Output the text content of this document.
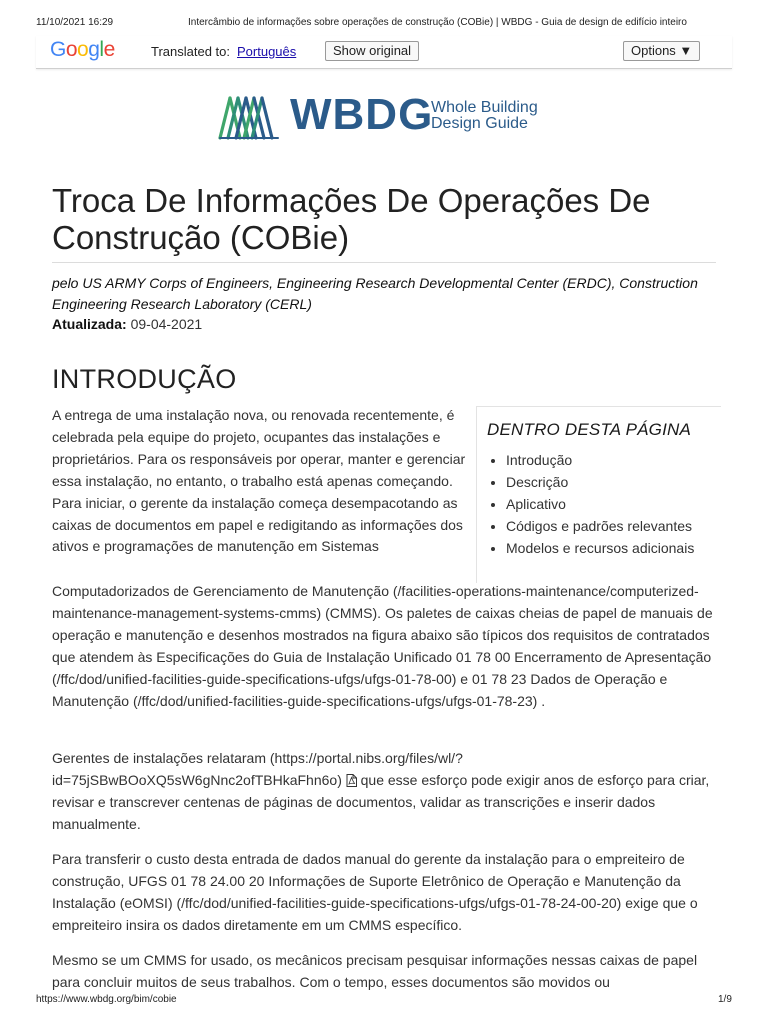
11/10/2021 16:29	Intercâmbio de informações sobre operações de construção (COBie) | WBDG - Guia de design de edifício inteiro
Google	Translated to: Português	Show original	Options ▼
WBDG
Whole Building
Design Guide
Troca De Informações De Operações De Construção (COBie)
pelo US ARMY Corps of Engineers, Engineering Research Developmental Center (ERDC), Construction Engineering Research Laboratory (CERL)
Atualizada: 09-04-2021
INTRODUÇÃO
DENTRO DESTA PÁGINA
• Introdução
• Descrição
• Aplicativo
• Códigos e padrões relevantes
• Modelos e recursos adicionais

A entrega de uma instalação nova, ou renovada recentemente, é celebrada pela equipe do projeto, ocupantes das instalações e proprietários. Para os responsáveis por operar, manter e gerenciar essa instalação, no entanto, o trabalho está apenas começando. Para iniciar, o gerente da instalação começa desempacotando as caixas de documentos em papel e redigitando as informações dos ativos e programações de manutenção em Sistemas

Computadorizados de Gerenciamento de Manutenção (/facilities-operations-maintenance/computerized-maintenance-management-systems-cmms) (CMMS). Os paletes de caixas cheias de papel de manuais de operação e manutenção e desenhos mostrados na figura abaixo são típicos dos requisitos de contratados que atendem às Especificações do Guia de Instalação Unificado 01 78 00 Encerramento de Apresentação (/ffc/dod/unified-facilities-guide-specifications-ufgs/ufgs-01-78-00) e 01 78 23 Dados de Operação e Manutenção (/ffc/dod/unified-facilities-guide-specifications-ufgs/ufgs-01-78-23) .

Gerentes de instalações relataram (https://portal.nibs.org/files/wl/?id=75jSBwBOoXQ5sW6gNnc2ofTBHkaFhn6o)  que esse esforço pode exigir anos de esforço para criar, revisar e transcrever centenas de páginas de documentos, validar as transcrições e inserir dados manualmente.

Para transferir o custo desta entrada de dados manual do gerente da instalação para o empreiteiro de construção, UFGS 01 78 24.00 20 Informações de Suporte Eletrônico de Operação e Manutenção da Instalação (eOMSI) (/ffc/dod/unified-facilities-guide-specifications-ufgs/ufgs-01-78-24-00-20) exige que o empreiteiro insira os dados diretamente em um CMMS específico.

Mesmo se um CMMS for usado, os mecânicos precisam pesquisar informações nessas caixas de papel para concluir muitos de seus trabalhos. Com o tempo, esses documentos são movidos ou

https://www.wbdg.org/bim/cobie	1/9
